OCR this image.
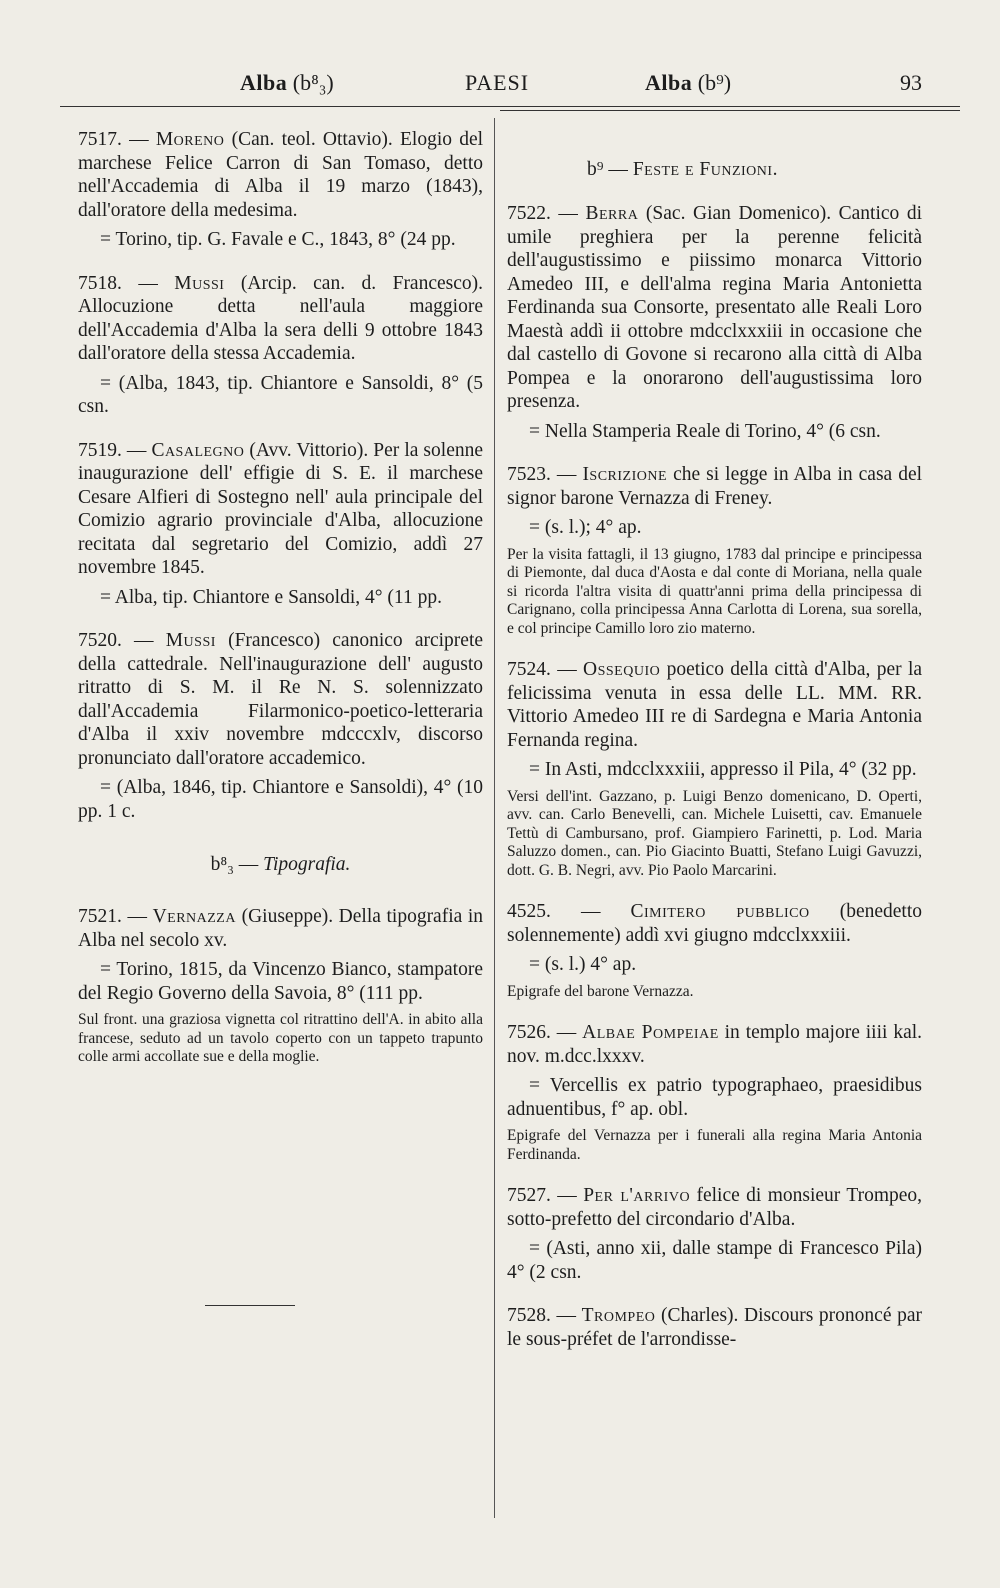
Alba (b⁸₃)	PAESI	Alba (b⁹)	93

7517. — Moreno (Can. teol. Ottavio). Elogio del marchese Felice Carron di San Tomaso, detto nell'Accademia di Alba il 19 marzo (1843), dall'oratore della medesima.

= Torino, tip. G. Favale e C., 1843, 8° (24 pp.

7518. — Mussi (Arcip. can. d. Francesco). Allocuzione detta nell'aula maggiore dell'Accademia d'Alba la sera delli 9 ottobre 1843 dall'oratore della stessa Accademia.

= (Alba, 1843, tip. Chiantore e Sansoldi, 8° (5 csn.

7519. — Casalegno (Avv. Vittorio). Per la solenne inaugurazione dell' effigie di S. E. il marchese Cesare Alfieri di Sostegno nell' aula principale del Comizio agrario provinciale d'Alba, allocuzione recitata dal segretario del Comizio, addì 27 novembre 1845.

= Alba, tip. Chiantore e Sansoldi, 4° (11 pp.

7520. — Mussi (Francesco) canonico arciprete della cattedrale. Nell'inaugurazione dell' augusto ritratto di S. M. il Re N. S. solennizzato dall'Accademia Filarmonico-poetico-letteraria d'Alba il xxiv novembre mdcccxlv, discorso pronunciato dall'oratore accademico.

= (Alba, 1846, tip. Chiantore e Sansoldi), 4° (10 pp. 1 c.

b⁸₃ — Tipografia.

7521. — Vernazza (Giuseppe). Della tipografia in Alba nel secolo xv.

= Torino, 1815, da Vincenzo Bianco, stampatore del Regio Governo della Savoia, 8° (111 pp.

Sul front. una graziosa vignetta col ritrattino dell'A. in abito alla francese, seduto ad un tavolo coperto con un tappeto trapunto colle armi accollate sue e della moglie.

b⁹ — Feste e Funzioni.

7522. — Berra (Sac. Gian Domenico). Cantico di umile preghiera per la perenne felicità dell'augustissimo e piissimo monarca Vittorio Amedeo III, e dell'alma regina Maria Antonietta Ferdinanda sua Consorte, presentato alle Reali Loro Maestà addì ii ottobre mdcclxxxiii in occasione che dal castello di Govone si recarono alla città di Alba Pompea e la onorarono dell'augustissima loro presenza.

= Nella Stamperia Reale di Torino, 4° (6 csn.

7523. — Iscrizione che si legge in Alba in casa del signor barone Vernazza di Freney.

= (s. l.); 4° ap.

Per la visita fattagli, il 13 giugno, 1783 dal principe e principessa di Piemonte, dal duca d'Aosta e dal conte di Moriana, nella quale si ricorda l'altra visita di quattr'anni prima della principessa di Carignano, colla principessa Anna Carlotta di Lorena, sua sorella, e col principe Camillo loro zio materno.

7524. — Ossequio poetico della città d'Alba, per la felicissima venuta in essa delle LL. MM. RR. Vittorio Amedeo III re di Sardegna e Maria Antonia Fernanda regina.

= In Asti, mdcclxxxiii, appresso il Pila, 4° (32 pp.

Versi dell'int. Gazzano, p. Luigi Benzo domenicano, D. Operti, avv. can. Carlo Benevelli, can. Michele Luisetti, cav. Emanuele Tettù di Cambursano, prof. Giampiero Farinetti, p. Lod. Maria Saluzzo domen., can. Pio Giacinto Buatti, Stefano Luigi Gavuzzi, dott. G. B. Negri, avv. Pio Paolo Marcarini.

4525. — Cimitero pubblico (benedetto solennemente) addì xvi giugno mdcclxxxiii.

= (s. l.) 4° ap.

Epigrafe del barone Vernazza.

7526. — Albae Pompeiae in templo majore iiii kal. nov. m.dcc.lxxxv.

= Vercellis ex patrio typographaeo, praesidibus adnuentibus, f° ap. obl.

Epigrafe del Vernazza per i funerali alla regina Maria Antonia Ferdinanda.

7527. — Per l'arrivo felice di monsieur Trompeo, sotto-prefetto del circondario d'Alba.

= (Asti, anno xii, dalle stampe di Francesco Pila) 4° (2 csn.

7528. — Trompeo (Charles). Discours prononcé par le sous-préfet de l'arrondisse-
